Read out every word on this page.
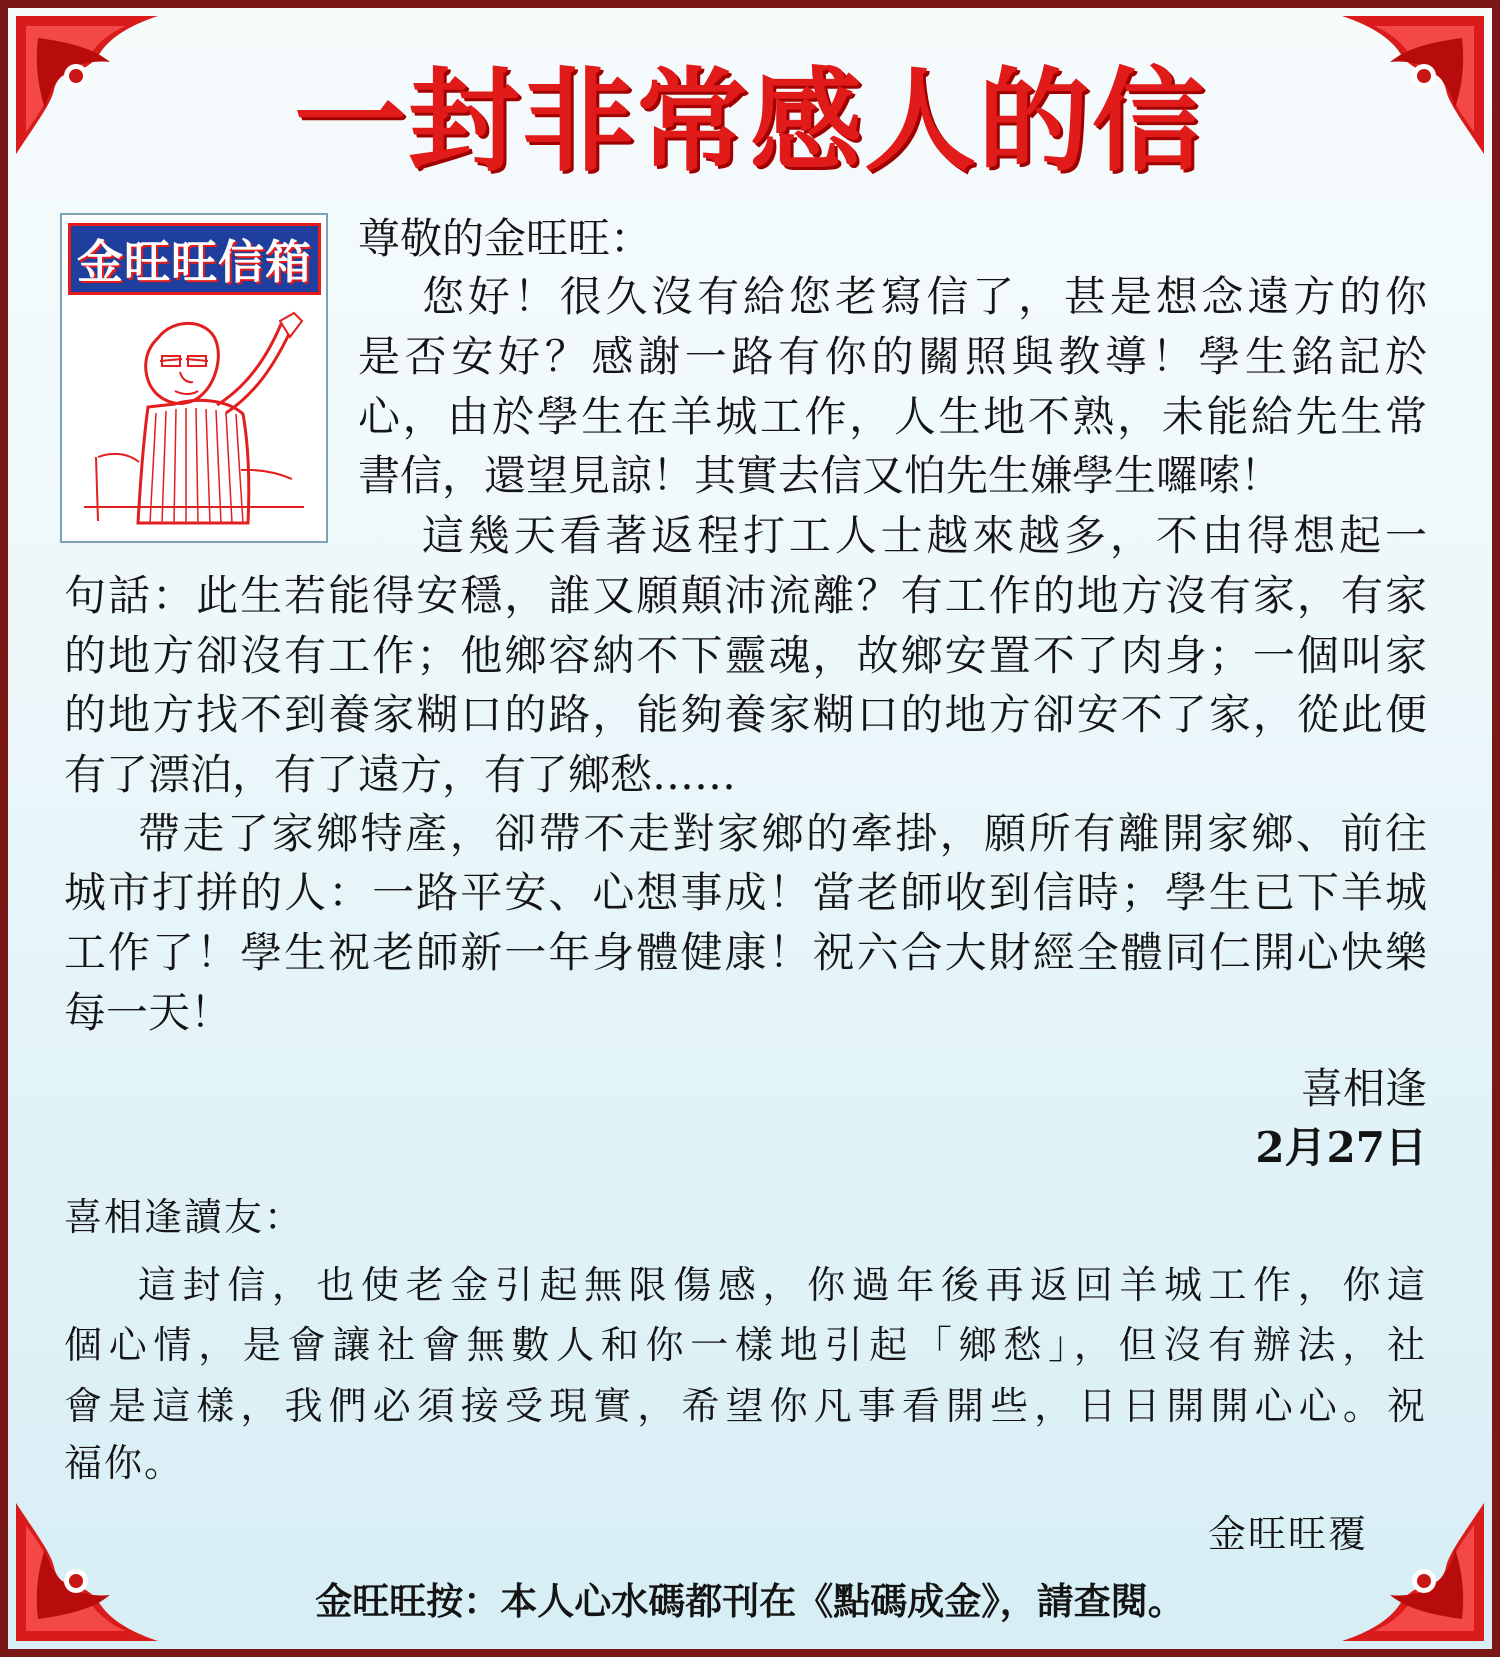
一封非常感人的信
金旺旺信箱 尊敬的金旺旺：
您好！很久沒有給您老寫信了，甚是想念遠方的你
是否安好？感謝一路有你的關照與教導！學生銘記於
心，由於學生在羊城工作，人生地不熟，未能給先生常
書信，還望見諒！其實去信又怕先生嫌學生囉嗦！
這幾天看著返程打工人士越來越多，不由得想起一
句話：此生若能得安穩，誰又願顛沛流離？有工作的地方沒有家，有家
的地方卻沒有工作；他鄉容納不下靈魂，故鄉安置不了肉身；一個叫家
的地方找不到養家糊口的路，能夠養家糊口的地方卻安不了家，從此便
有了漂泊，有了遠方，有了鄉愁……
帶走了家鄉特產，卻帶不走對家鄉的牽掛，願所有離開家鄉、前往
城市打拼的人：一路平安、心想事成！當老師收到信時；學生已下羊城
工作了！學生祝老師新一年身體健康！祝六合大財經全體同仁開心快樂
每一天！
喜相逢
2月27日
喜相逢讀友：
這封信，也使老金引起無限傷感，你過年後再返回羊城工作，你這
個心情，是會讓社會無數人和你一樣地引起「鄉愁」，但沒有辦法，社
會是這樣，我們必須接受現實，希望你凡事看開些，日日開開心心。祝
福你。
金旺旺覆
金旺旺按：本人心水碼都刊在《點碼成金》，請查閱。
